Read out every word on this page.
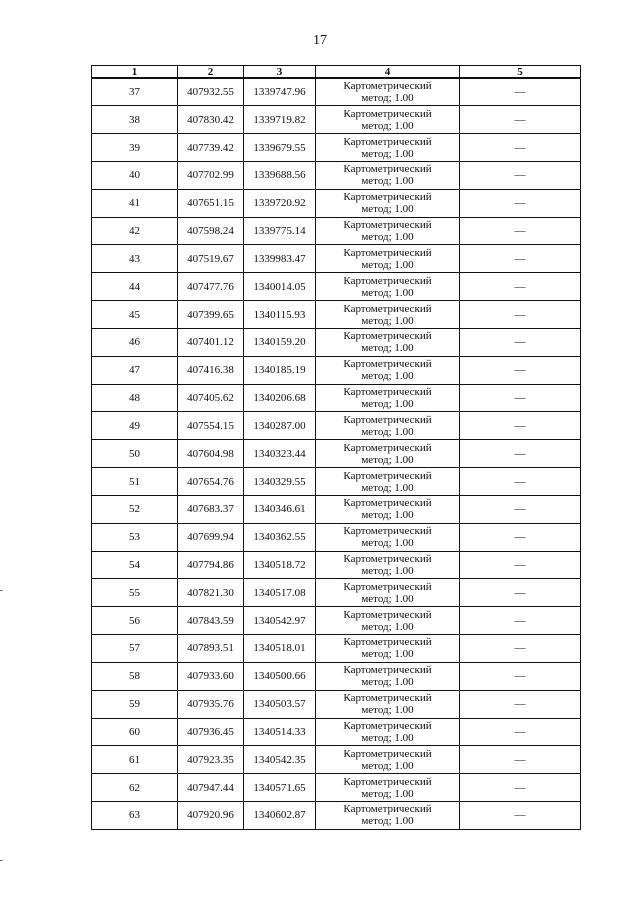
17
1	2	3	4	5
37	407932.55	1339747.96	Картометрический
метод; 1.00	—
38	407830.42	1339719.82	Картометрический
метод; 1.00	—
39	407739.42	1339679.55	Картометрический
метод; 1.00	—
40	407702.99	1339688.56	Картометрический
метод; 1.00	—
41	407651.15	1339720.92	Картометрический
метод; 1.00	—
42	407598.24	1339775.14	Картометрический
метод; 1.00	—
43	407519.67	1339983.47	Картометрический
метод; 1.00	—
44	407477.76	1340014.05	Картометрический
метод; 1.00	—
45	407399.65	1340115.93	Картометрический
метод; 1.00	—
46	407401.12	1340159.20	Картометрический
метод; 1.00	—
47	407416.38	1340185.19	Картометрический
метод; 1.00	—
48	407405.62	1340206.68	Картометрический
метод; 1.00	—
49	407554.15	1340287.00	Картометрический
метод; 1.00	—
50	407604.98	1340323.44	Картометрический
метод; 1.00	—
51	407654.76	1340329.55	Картометрический
метод; 1.00	—
52	407683.37	1340346.61	Картометрический
метод; 1.00	—
53	407699.94	1340362.55	Картометрический
метод; 1.00	—
54	407794.86	1340518.72	Картометрический
метод; 1.00	—
55	407821.30	1340517.08	Картометрический
метод; 1.00	—
56	407843.59	1340542.97	Картометрический
метод; 1.00	—
57	407893.51	1340518.01	Картометрический
метод; 1.00	—
58	407933.60	1340500.66	Картометрический
метод; 1.00	—
59	407935.76	1340503.57	Картометрический
метод; 1.00	—
60	407936.45	1340514.33	Картометрический
метод; 1.00	—
61	407923.35	1340542.35	Картометрический
метод; 1.00	—
62	407947.44	1340571.65	Картометрический
метод; 1.00	—
63	407920.96	1340602.87	Картометрический
метод; 1.00	—
